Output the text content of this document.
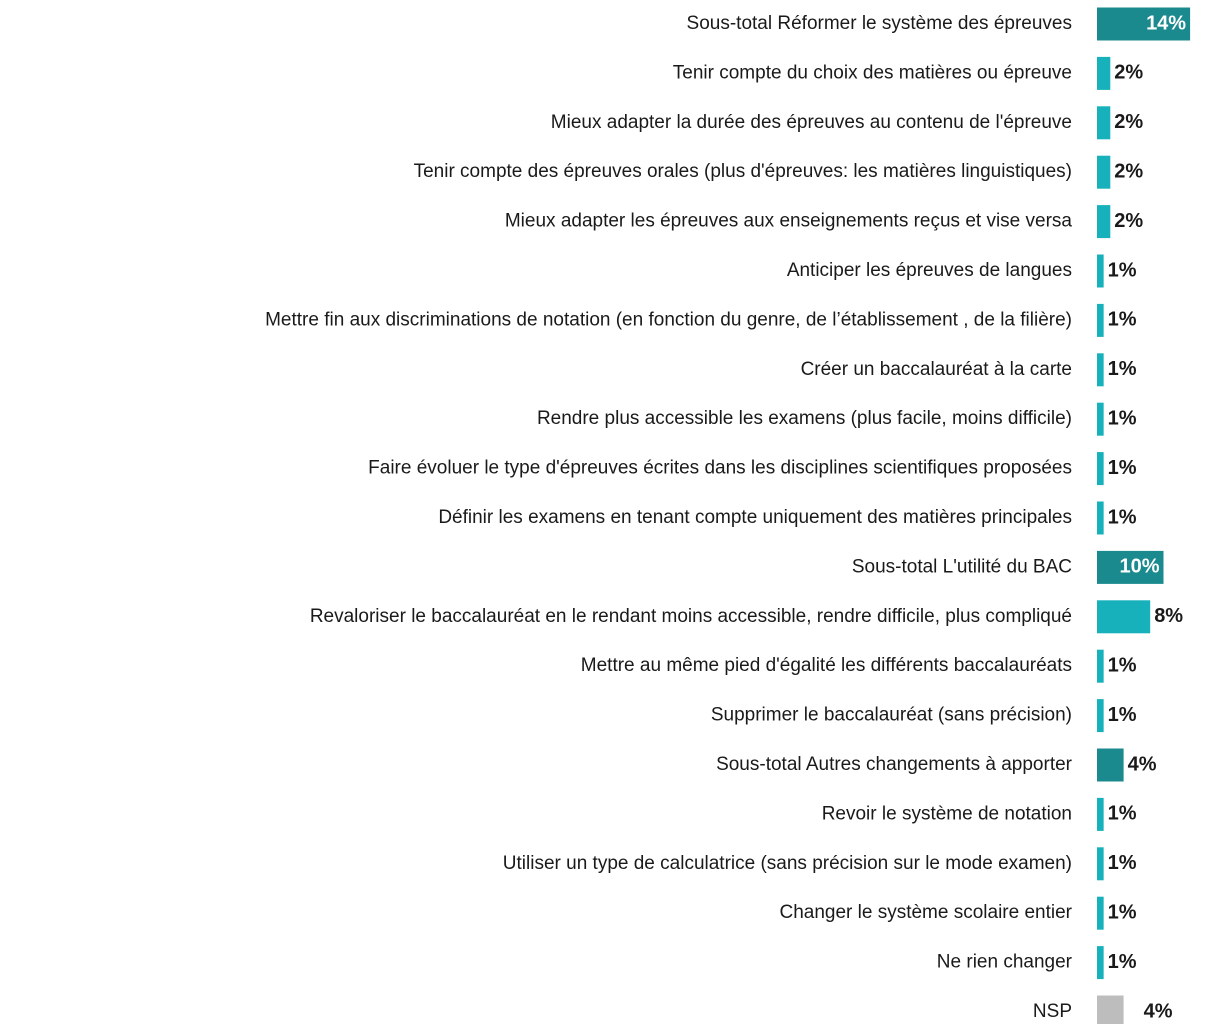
Sous-total Réformer le système des épreuves	14%
Tenir compte du choix des matières ou épreuve 2%
Mieux adapter la durée des épreuves au contenu de l'épreuve 2%
Tenir compte des épreuves orales (plus d'épreuves: les matières linguistiques) 2%
Mieux adapter les épreuves aux enseignements reçus et vise versa 2%
Anticiper les épreuves de langues 1%
Mettre fin aux discriminations de notation (en fonction du genre, de l’établissement , de la filière) 1%
Créer un baccalauréat à la carte 1%
Rendre plus accessible les examens (plus facile, moins difficile) 1%
Faire évoluer le type d'épreuves écrites dans les disciplines scientifiques proposées 1%
Définir les examens en tenant compte uniquement des matières principales 1%
Sous-total L'utilité du BAC 10%
Revaloriser le baccalauréat en le rendant moins accessible, rendre difficile, plus compliqué	8%
Mettre au même pied d'égalité les différents baccalauréats 1%
Supprimer le baccalauréat (sans précision) 1%
Sous-total Autres changements à apporter	4%
Revoir le système de notation 1%
Utiliser un type de calculatrice (sans précision sur le mode examen) 1%
Changer le système scolaire entier 1%
Ne rien changer 1%
NSP	4%
